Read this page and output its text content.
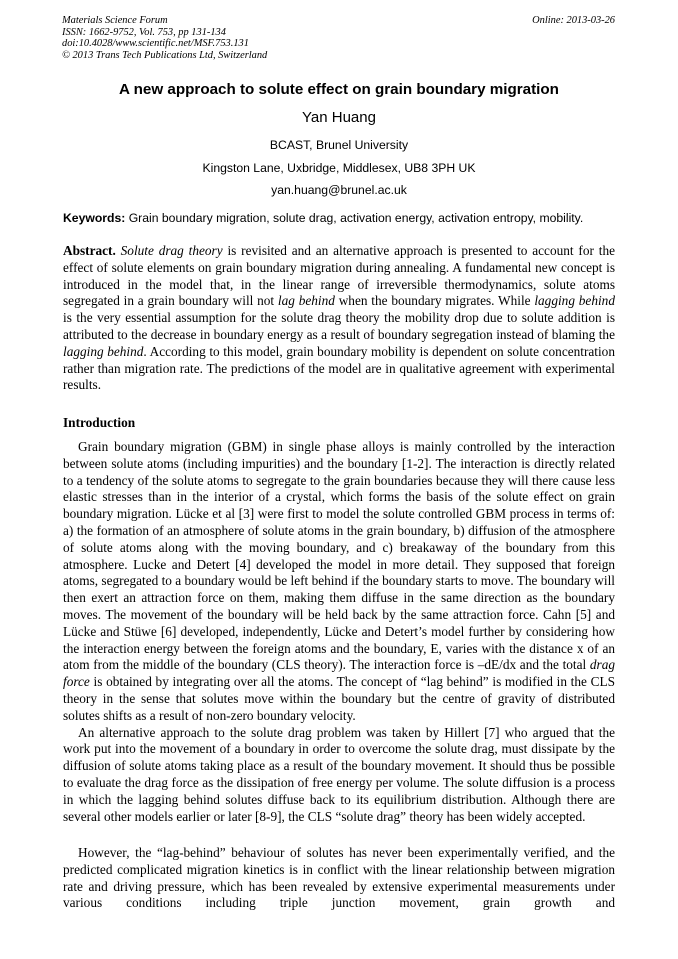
Materials Science Forum
ISSN: 1662-9752, Vol. 753, pp 131-134
doi:10.4028/www.scientific.net/MSF.753.131
© 2013 Trans Tech Publications Ltd, Switzerland
Online: 2013-03-26
A new approach to solute effect on grain boundary migration
Yan Huang
BCAST, Brunel University
Kingston Lane, Uxbridge, Middlesex, UB8 3PH UK
yan.huang@brunel.ac.uk
Keywords: Grain boundary migration, solute drag, activation energy, activation entropy, mobility.

Abstract. Solute drag theory is revisited and an alternative approach is presented to account for the effect of solute elements on grain boundary migration during annealing. A fundamental new concept is introduced in the model that, in the linear range of irreversible thermodynamics, solute atoms segregated in a grain boundary will not lag behind when the boundary migrates. While lagging behind is the very essential assumption for the solute drag theory the mobility drop due to solute addition is attributed to the decrease in boundary energy as a result of boundary segregation instead of blaming the lagging behind. According to this model, grain boundary mobility is dependent on solute concentration rather than migration rate. The predictions of the model are in qualitative agreement with experimental results.

Introduction

Grain boundary migration (GBM) in single phase alloys is mainly controlled by the interaction between solute atoms (including impurities) and the boundary [1-2]. The interaction is directly related to a tendency of the solute atoms to segregate to the grain boundaries because they will there cause less elastic stresses than in the interior of a crystal, which forms the basis of the solute effect on grain boundary migration. Lücke et al [3] were first to model the solute controlled GBM process in terms of: a) the formation of an atmosphere of solute atoms in the grain boundary, b) diffusion of the atmosphere of solute atoms along with the moving boundary, and c) breakaway of the boundary from this atmosphere. Lucke and Detert [4] developed the model in more detail. They supposed that foreign atoms, segregated to a boundary would be left behind if the boundary starts to move. The boundary will then exert an attraction force on them, making them diffuse in the same direction as the boundary moves. The movement of the boundary will be held back by the same attraction force. Cahn [5] and Lücke and Stüwe [6] developed, independently, Lücke and Detert’s model further by considering how the interaction energy between the foreign atoms and the boundary, E, varies with the distance x of an atom from the middle of the boundary (CLS theory). The interaction force is –dE/dx and the total drag force is obtained by integrating over all the atoms. The concept of “lag behind” is modified in the CLS theory in the sense that solutes move within the boundary but the centre of gravity of distributed solutes shifts as a result of non-zero boundary velocity.

An alternative approach to the solute drag problem was taken by Hillert [7] who argued that the work put into the movement of a boundary in order to overcome the solute drag, must dissipate by the diffusion of solute atoms taking place as a result of the boundary movement. It should thus be possible to evaluate the drag force as the dissipation of free energy per volume. The solute diffusion is a process in which the lagging behind solutes diffuse back to its equilibrium distribution. Although there are several other models earlier or later [8-9], the CLS “solute drag” theory has been widely accepted.

However, the “lag-behind” behaviour of solutes has never been experimentally verified, and the predicted complicated migration kinetics is in conflict with the linear relationship between migration rate and driving pressure, which has been revealed by extensive experimental measurements under various conditions including triple junction movement, grain growth and
